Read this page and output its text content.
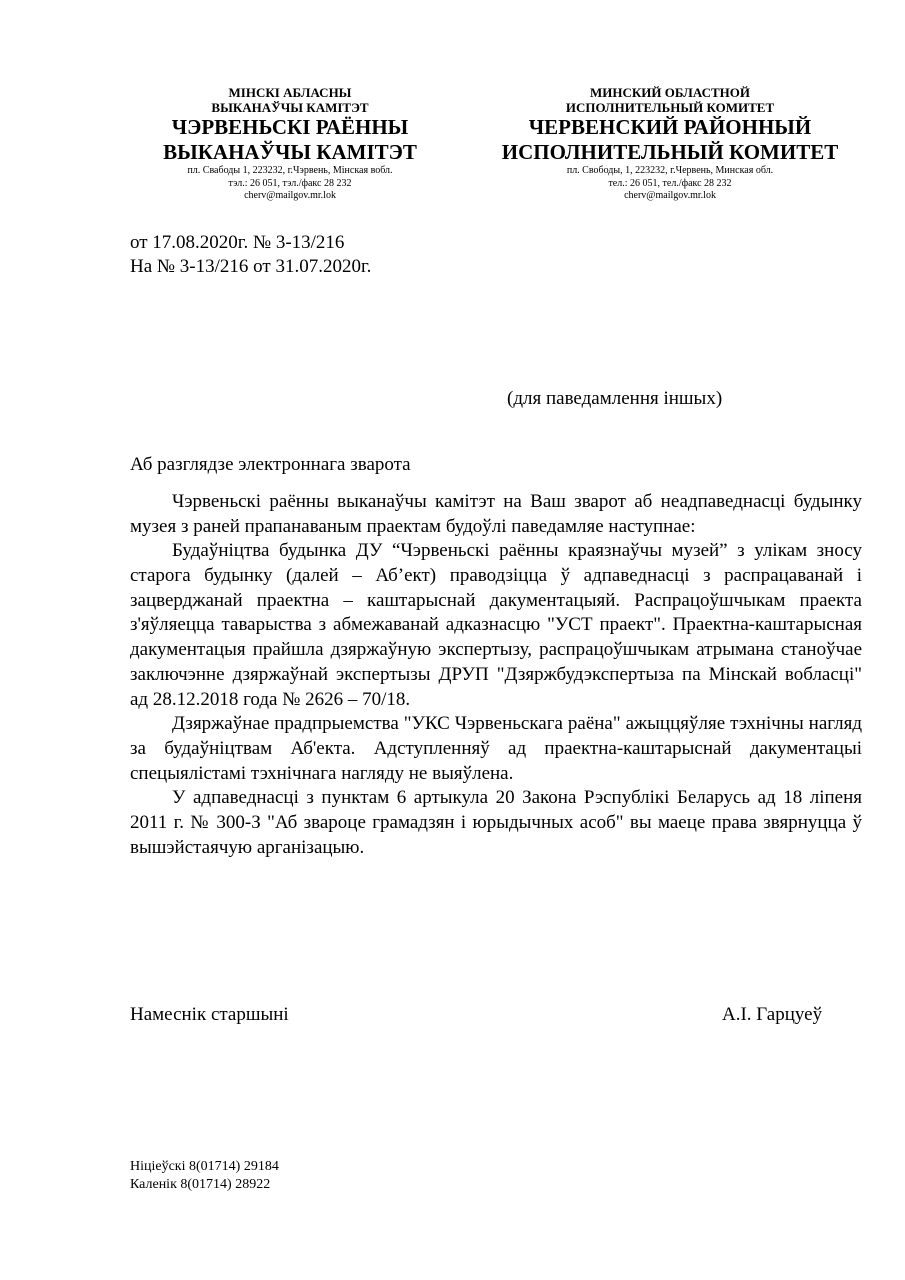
МІНСКІ АБЛАСНЫ
ВЫКАНАЎЧЫ КАМІТЭТ
ЧЭРВЕНЬСКІ РАЁННЫ
ВЫКАНАЎЧЫ КАМІТЭТ
пл. Свабоды 1, 223232, г.Чэрвень, Мінская вобл.
тэл.: 26 051, тэл./факс 28 232
cherv@mailgov.mr.lok
МИНСКИЙ ОБЛАСТНОЙ
ИСПОЛНИТЕЛЬНЫЙ КОМИТЕТ
ЧЕРВЕНСКИЙ РАЙОННЫЙ
ИСПОЛНИТЕЛЬНЫЙ КОМИТЕТ
пл. Свободы, 1, 223232, г.Червень, Минская обл.
тел.: 26 051, тел./факс 28 232
cherv@mailgov.mr.lok
от 17.08.2020г. № 3-13/216
На № 3-13/216 от 31.07.2020г.
(для паведамлення іншых)
Аб разглядзе электроннага зварота

Чэрвеньскі раённы выканаўчы камітэт на Ваш зварот аб неадпаведнасці будынку музея з раней прапанаваным праектам будоўлі паведамляе наступнае:

Будаўніцтва будынка ДУ “Чэрвеньскі раённы краязнаўчы музей” з улікам зносу старога будынку (далей – Аб’ект) праводзіцца ў адпаведнасці з распрацаванай і зацверджанай праектна – каштарыснай дакументацыяй. Распрацоўшчыкам праекта з'яўляецца таварыства з абмежаванай адказнасцю "УСТ праект". Праектна-каштарысная дакументацыя прайшла дзяржаўную экспертызу, распрацоўшчыкам атрымана станоўчае заключэнне дзяржаўнай экспертызы ДРУП "Дзяржбудэкспертыза па Мінскай вобласці" ад 28.12.2018 года № 2626 – 70/18.

Дзяржаўнае прадпрыемства "УКС Чэрвеньскага раёна" ажыццяўляе тэхнічны нагляд за будаўніцтвам Аб'екта. Адступленняў ад праектна-каштарыснай дакументацыі спецыялістамі тэхнічнага нагляду не выяўлена.

У адпаведнасці з пунктам 6 артыкула 20 Закона Рэспублікі Беларусь ад 18 ліпеня 2011 г. № 300-З "Аб звароце грамадзян і юрыдычных асоб" вы маеце права звярнуцца ў вышэйстаячую арганізацыю.

Намеснік старшыні	А.І. Гарцуеў
Ніціеўскі 8(01714) 29184
Каленік 8(01714) 28922
